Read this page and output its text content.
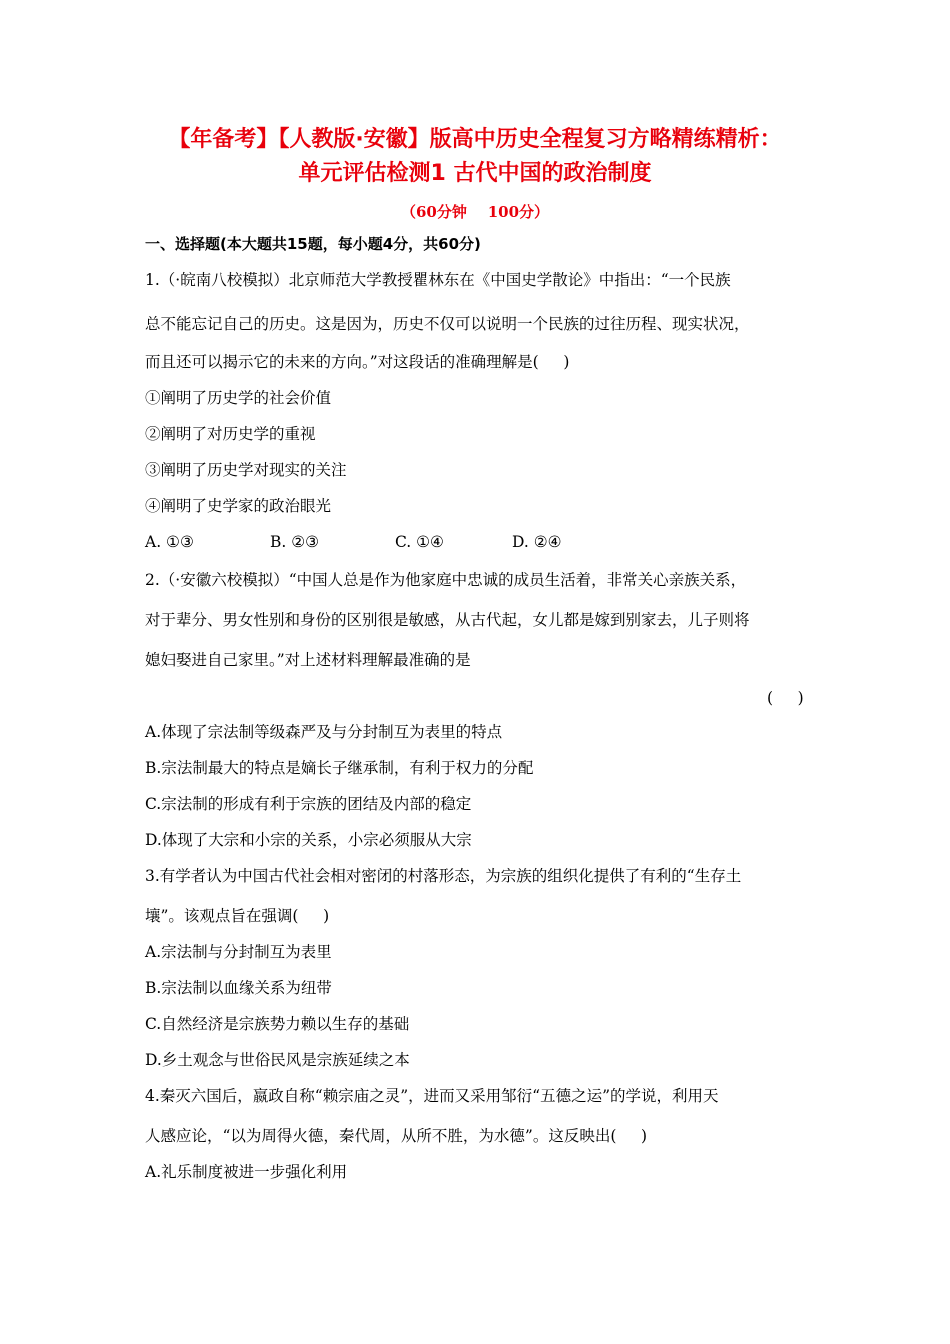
【年备考】【人教版·安徽】版高中历史全程复习方略精练精析：
单元评估检测1 古代中国的政治制度
（60分钟    100分）
一、选择题(本大题共15题，每小题4分，共60分)
1.（·皖南八校模拟）北京师范大学教授瞿林东在《中国史学散论》中指出：“一个民族
总不能忘记自己的历史。这是因为，历史不仅可以说明一个民族的过往历程、现实状况，
而且还可以揭示它的未来的方向。”对这段话的准确理解是(     )
①阐明了历史学的社会价值
②阐明了对历史学的重视
③阐明了历史学对现实的关注
④阐明了史学家的政治眼光
A. ①③	B. ②③	C. ①④	D. ②④
2.（·安徽六校模拟）“中国人总是作为他家庭中忠诚的成员生活着，非常关心亲族关系，
对于辈分、男女性别和身份的区别很是敏感，从古代起，女儿都是嫁到别家去，儿子则将
媳妇娶进自己家里。”对上述材料理解最准确的是
(     )
A.体现了宗法制等级森严及与分封制互为表里的特点
B.宗法制最大的特点是嫡长子继承制，有利于权力的分配
C.宗法制的形成有利于宗族的团结及内部的稳定
D.体现了大宗和小宗的关系，小宗必须服从大宗
3.有学者认为中国古代社会相对密闭的村落形态，为宗族的组织化提供了有利的“生存土
壤”。该观点旨在强调(     )
A.宗法制与分封制互为表里
B.宗法制以血缘关系为纽带
C.自然经济是宗族势力赖以生存的基础
D.乡土观念与世俗民风是宗族延续之本
4.秦灭六国后，嬴政自称“赖宗庙之灵”，进而又采用邹衍“五德之运”的学说，利用天
人感应论，“以为周得火德，秦代周，从所不胜，为水德”。这反映出(     )
A.礼乐制度被进一步强化利用
